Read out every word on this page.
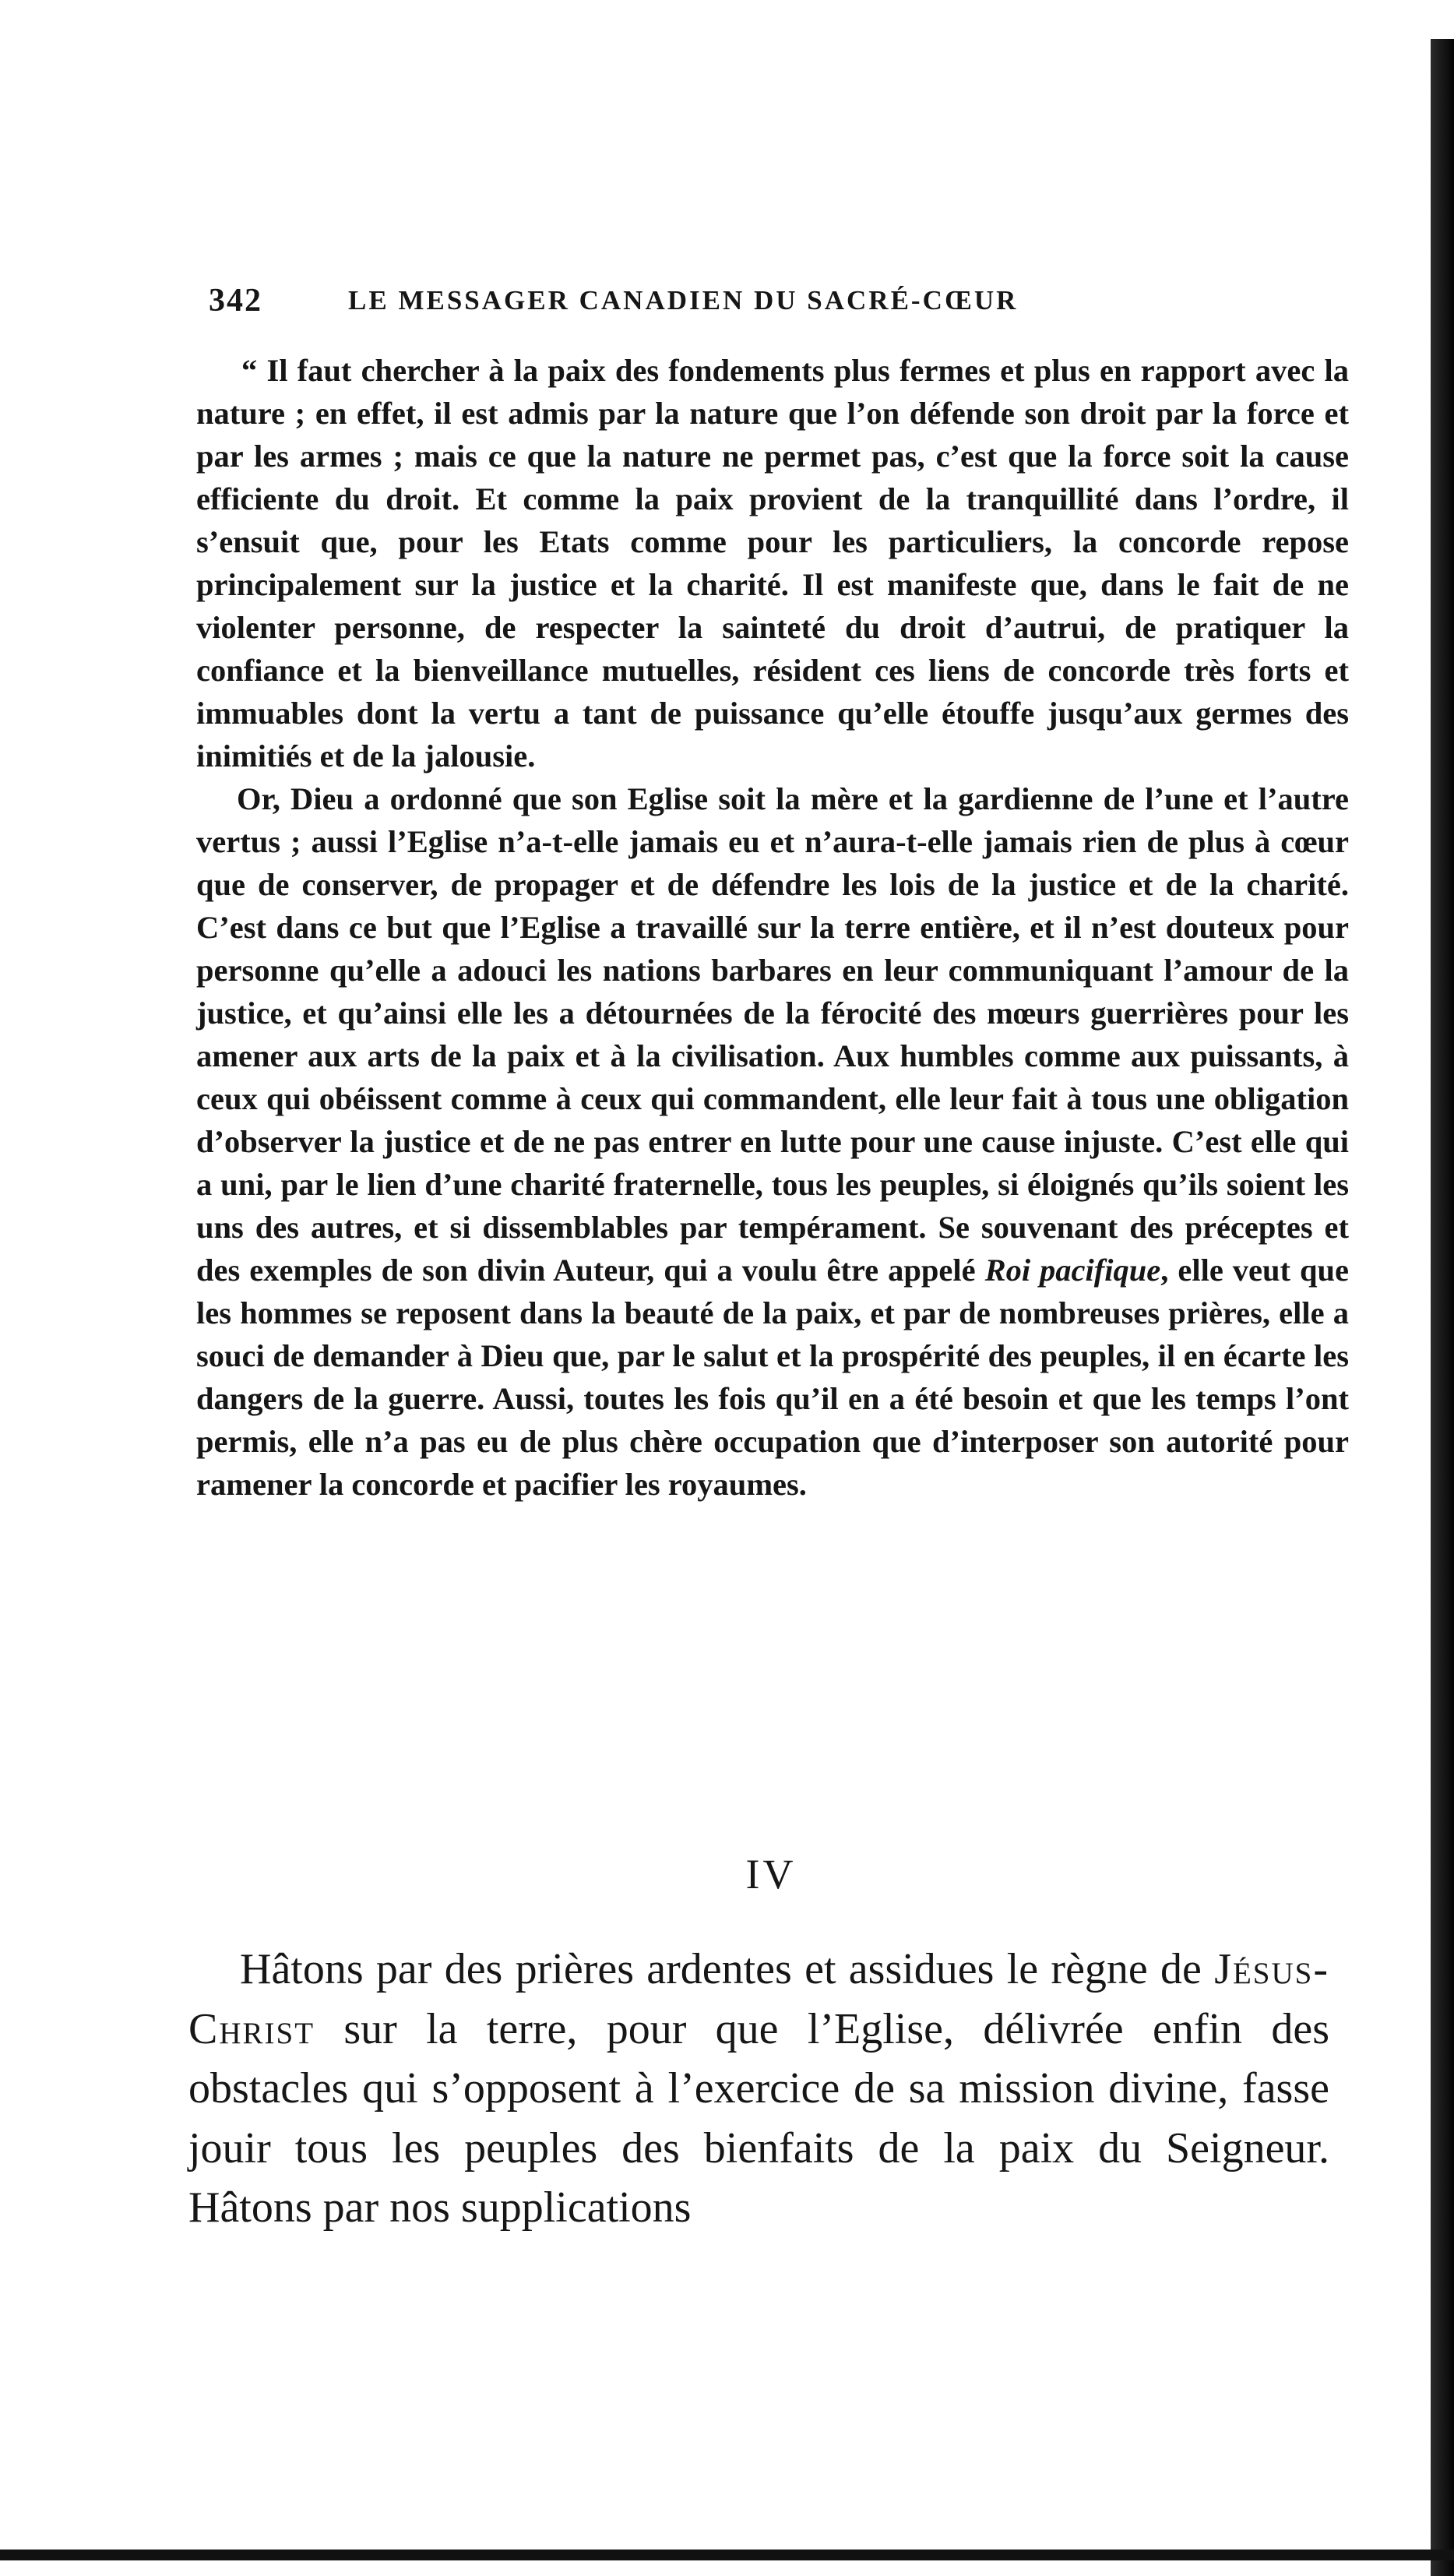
342	LE MESSAGER CANADIEN DU SACRÉ-CŒUR

“ Il faut chercher à la paix des fondements plus fermes et plus en rapport avec la nature ; en effet, il est admis par la nature que l’on défende son droit par la force et par les armes ; mais ce que la nature ne permet pas, c’est que la force soit la cause efficiente du droit. Et comme la paix provient de la tranquillité dans l’ordre, il s’ensuit que, pour les Etats comme pour les particuliers, la concorde repose principalement sur la justice et la charité. Il est manifeste que, dans le fait de ne violenter personne, de respecter la sainteté du droit d’autrui, de pratiquer la confiance et la bienveillance mutuelles, résident ces liens de concorde très forts et immuables dont la vertu a tant de puissance qu’elle étouffe jusqu’aux germes des inimitiés et de la jalousie.

Or, Dieu a ordonné que son Eglise soit la mère et la gardienne de l’une et l’autre vertus ; aussi l’Eglise n’a-t-elle jamais eu et n’aura-t-elle jamais rien de plus à cœur que de conserver, de propager et de défendre les lois de la justice et de la charité. C’est dans ce but que l’Eglise a travaillé sur la terre entière, et il n’est douteux pour personne qu’elle a adouci les nations barbares en leur communiquant l’amour de la justice, et qu’ainsi elle les a détournées de la férocité des mœurs guerrières pour les amener aux arts de la paix et à la civilisation. Aux humbles comme aux puissants, à ceux qui obéissent comme à ceux qui commandent, elle leur fait à tous une obligation d’observer la justice et de ne pas entrer en lutte pour une cause injuste. C’est elle qui a uni, par le lien d’une charité fraternelle, tous les peuples, si éloignés qu’ils soient les uns des autres, et si dissemblables par tempérament. Se souvenant des préceptes et des exemples de son divin Auteur, qui a voulu être appelé Roi pacifique, elle veut que les hommes se reposent dans la beauté de la paix, et par de nombreuses prières, elle a souci de demander à Dieu que, par le salut et la prospérité des peuples, il en écarte les dangers de la guerre. Aussi, toutes les fois qu’il en a été besoin et que les temps l’ont permis, elle n’a pas eu de plus chère occupation que d’interposer son autorité pour ramener la concorde et pacifier les royaumes.

IV

Hâtons par des prières ardentes et assidues le règne de Jésus-Christ sur la terre, pour que l’Eglise, délivrée enfin des obstacles qui s’opposent à l’exercice de sa mission divine, fasse jouir tous les peuples des bienfaits de la paix du Seigneur. Hâtons par nos supplications
